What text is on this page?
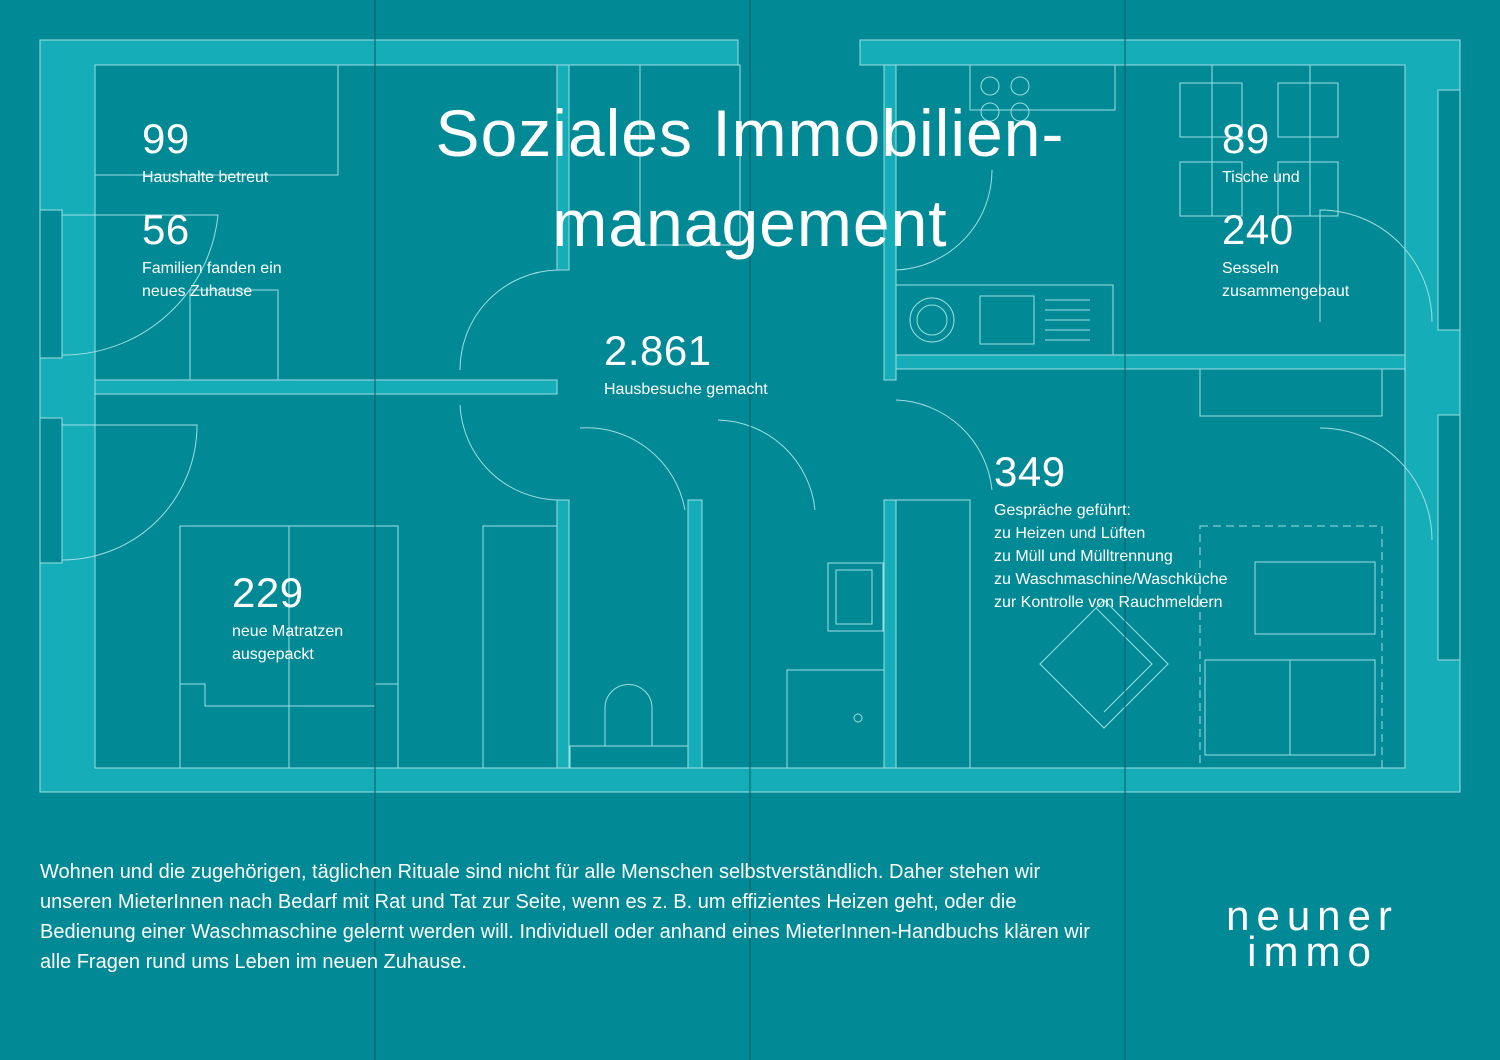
Soziales Immobilien-
management
99
Haushalte betreut
56
Familien fanden ein
neues Zuhause
2.861
Hausbesuche gemacht
89
Tische und
240
Sesseln
zusammengebaut
229
neue Matratzen
ausgepackt
349
Gespräche geführt:
zu Heizen und Lüften
zu Müll und Mülltrennung
zu Waschmaschine/Waschküche
zur Kontrolle von Rauchmeldern
Wohnen und die zugehörigen, täglichen Rituale sind nicht für alle Menschen selbstverständlich. Daher stehen wir unseren MieterInnen nach Bedarf mit Rat und Tat zur Seite, wenn es z. B. um effizientes Heizen geht, oder die Bedienung einer Waschmaschine gelernt werden will. Individuell oder anhand eines MieterInnen-Handbuchs klären wir alle Fragen rund ums Leben im neuen Zuhause.
neuner
immo
